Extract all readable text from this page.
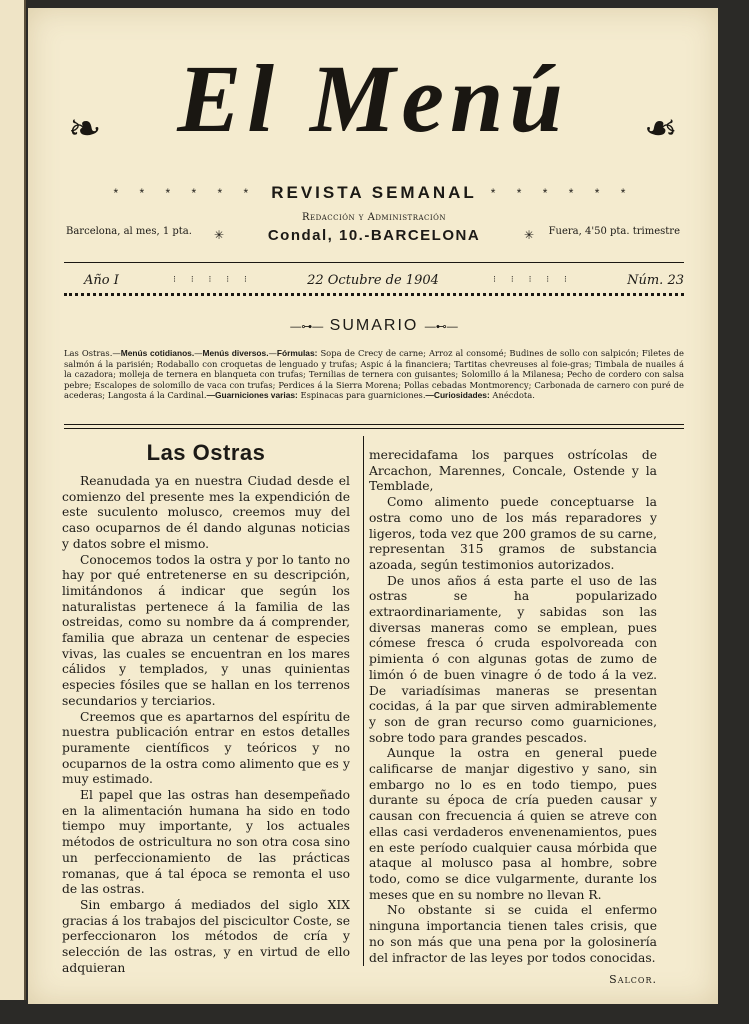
❧ El Menú	❧
* * * * * * REVISTA SEMANAL * * * * * *
Barcelona, al mes, 1 pta. ✳
Redacción y Administración
Condal, 10.-BARCELONA	✳ Fuera, 4'50 pta. trimestre
Año I	⁝ ⁝ ⁝ ⁝ ⁝	22 Octubre de 1904	⁝ ⁝ ⁝ ⁝ ⁝	Núm. 23
—⊶— SUMARIO —⊷—
Las Ostras.—Menús cotidianos.—Menús diversos.—Fórmulas: Sopa de Crecy de carne; Arroz al consomé; Budines de sollo con salpicón; Filetes de salmón á la parisién; Rodaballo con croquetas de lenguado y trufas; Aspic á la financiera; Tartitas chevreuses al foie-gras; Timbala de nuailes á la cazadora; molleja de ternera en blanqueta con trufas; Ternilias de ternera con guisantes; Solomillo á la Milanesa; Pecho de cordero con salsa pebre; Escalopes de solomillo de vaca con trufas; Perdices á la Sierra Morena; Pollas cebadas Montmorency; Carbonada de carnero con puré de acederas; Langosta á la Cardinal.—Guarniciones varias: Espinacas para guarniciones.—Curiosidades: Anécdota.
Las Ostras

Reanudada ya en nuestra Ciudad desde el comienzo del presente mes la expendición de este suculento molusco, creemos muy del caso ocuparnos de él dando algunas noticias y datos sobre el mismo.

Conocemos todos la ostra y por lo tanto no hay por qué entretenerse en su descripción, limitándonos á indicar que según los naturalistas pertenece á la familia de las ostreidas, como su nombre da á comprender, familia que abraza un centenar de especies vivas, las cuales se encuentran en los mares cálidos y templados, y unas quinientas especies fósiles que se hallan en los terrenos secundarios y terciarios.

Creemos que es apartarnos del espíritu de nuestra publicación entrar en estos detalles puramente científicos y teóricos y no ocuparnos de la ostra como alimento que es y muy estimado.

El papel que las ostras han desempeñado en la alimentación humana ha sido en todo tiempo muy importante, y los actuales métodos de ostricultura no son otra cosa sino un perfeccionamiento de las prácticas romanas, que á tal época se remonta el uso de las ostras.

Sin embargo á mediados del siglo XIX gracias á los trabajos del piscicultor Coste, se perfeccionaron los métodos de cría y selección de las ostras, y en virtud de ello adquieran

merecidafama los parques ostrícolas de Arcachon, Marennes, Concale, Ostende y la Temblade,

Como alimento puede conceptuarse la ostra como uno de los más reparadores y ligeros, toda vez que 200 gramos de su carne, representan 315 gramos de substancia azoada, según testimonios autorizados.

De unos años á esta parte el uso de las ostras se ha popularizado extraordinariamente, y sabidas son las diversas maneras como se emplean, pues cómese fresca ó cruda espolvoreada con pimienta ó con algunas gotas de zumo de limón ó de buen vinagre ó de todo á la vez. De variadísimas maneras se presentan cocidas, á la par que sirven admirablemente y son de gran recurso como guarniciones, sobre todo para grandes pescados.

Aunque la ostra en general puede calificarse de manjar digestivo y sano, sin embargo no lo es en todo tiempo, pues durante su época de cría pueden causar y causan con frecuencia á quien se atreve con ellas casi verdaderos envenenamientos, pues en este período cualquier causa mórbida que ataque al molusco pasa al hombre, sobre todo, como se dice vulgarmente, durante los meses que en su nombre no llevan R.

No obstante si se cuida el enfermo ninguna importancia tienen tales crisis, que no son más que una pena por la golosinería del infractor de las leyes por todos conocidas.

Salcor.
